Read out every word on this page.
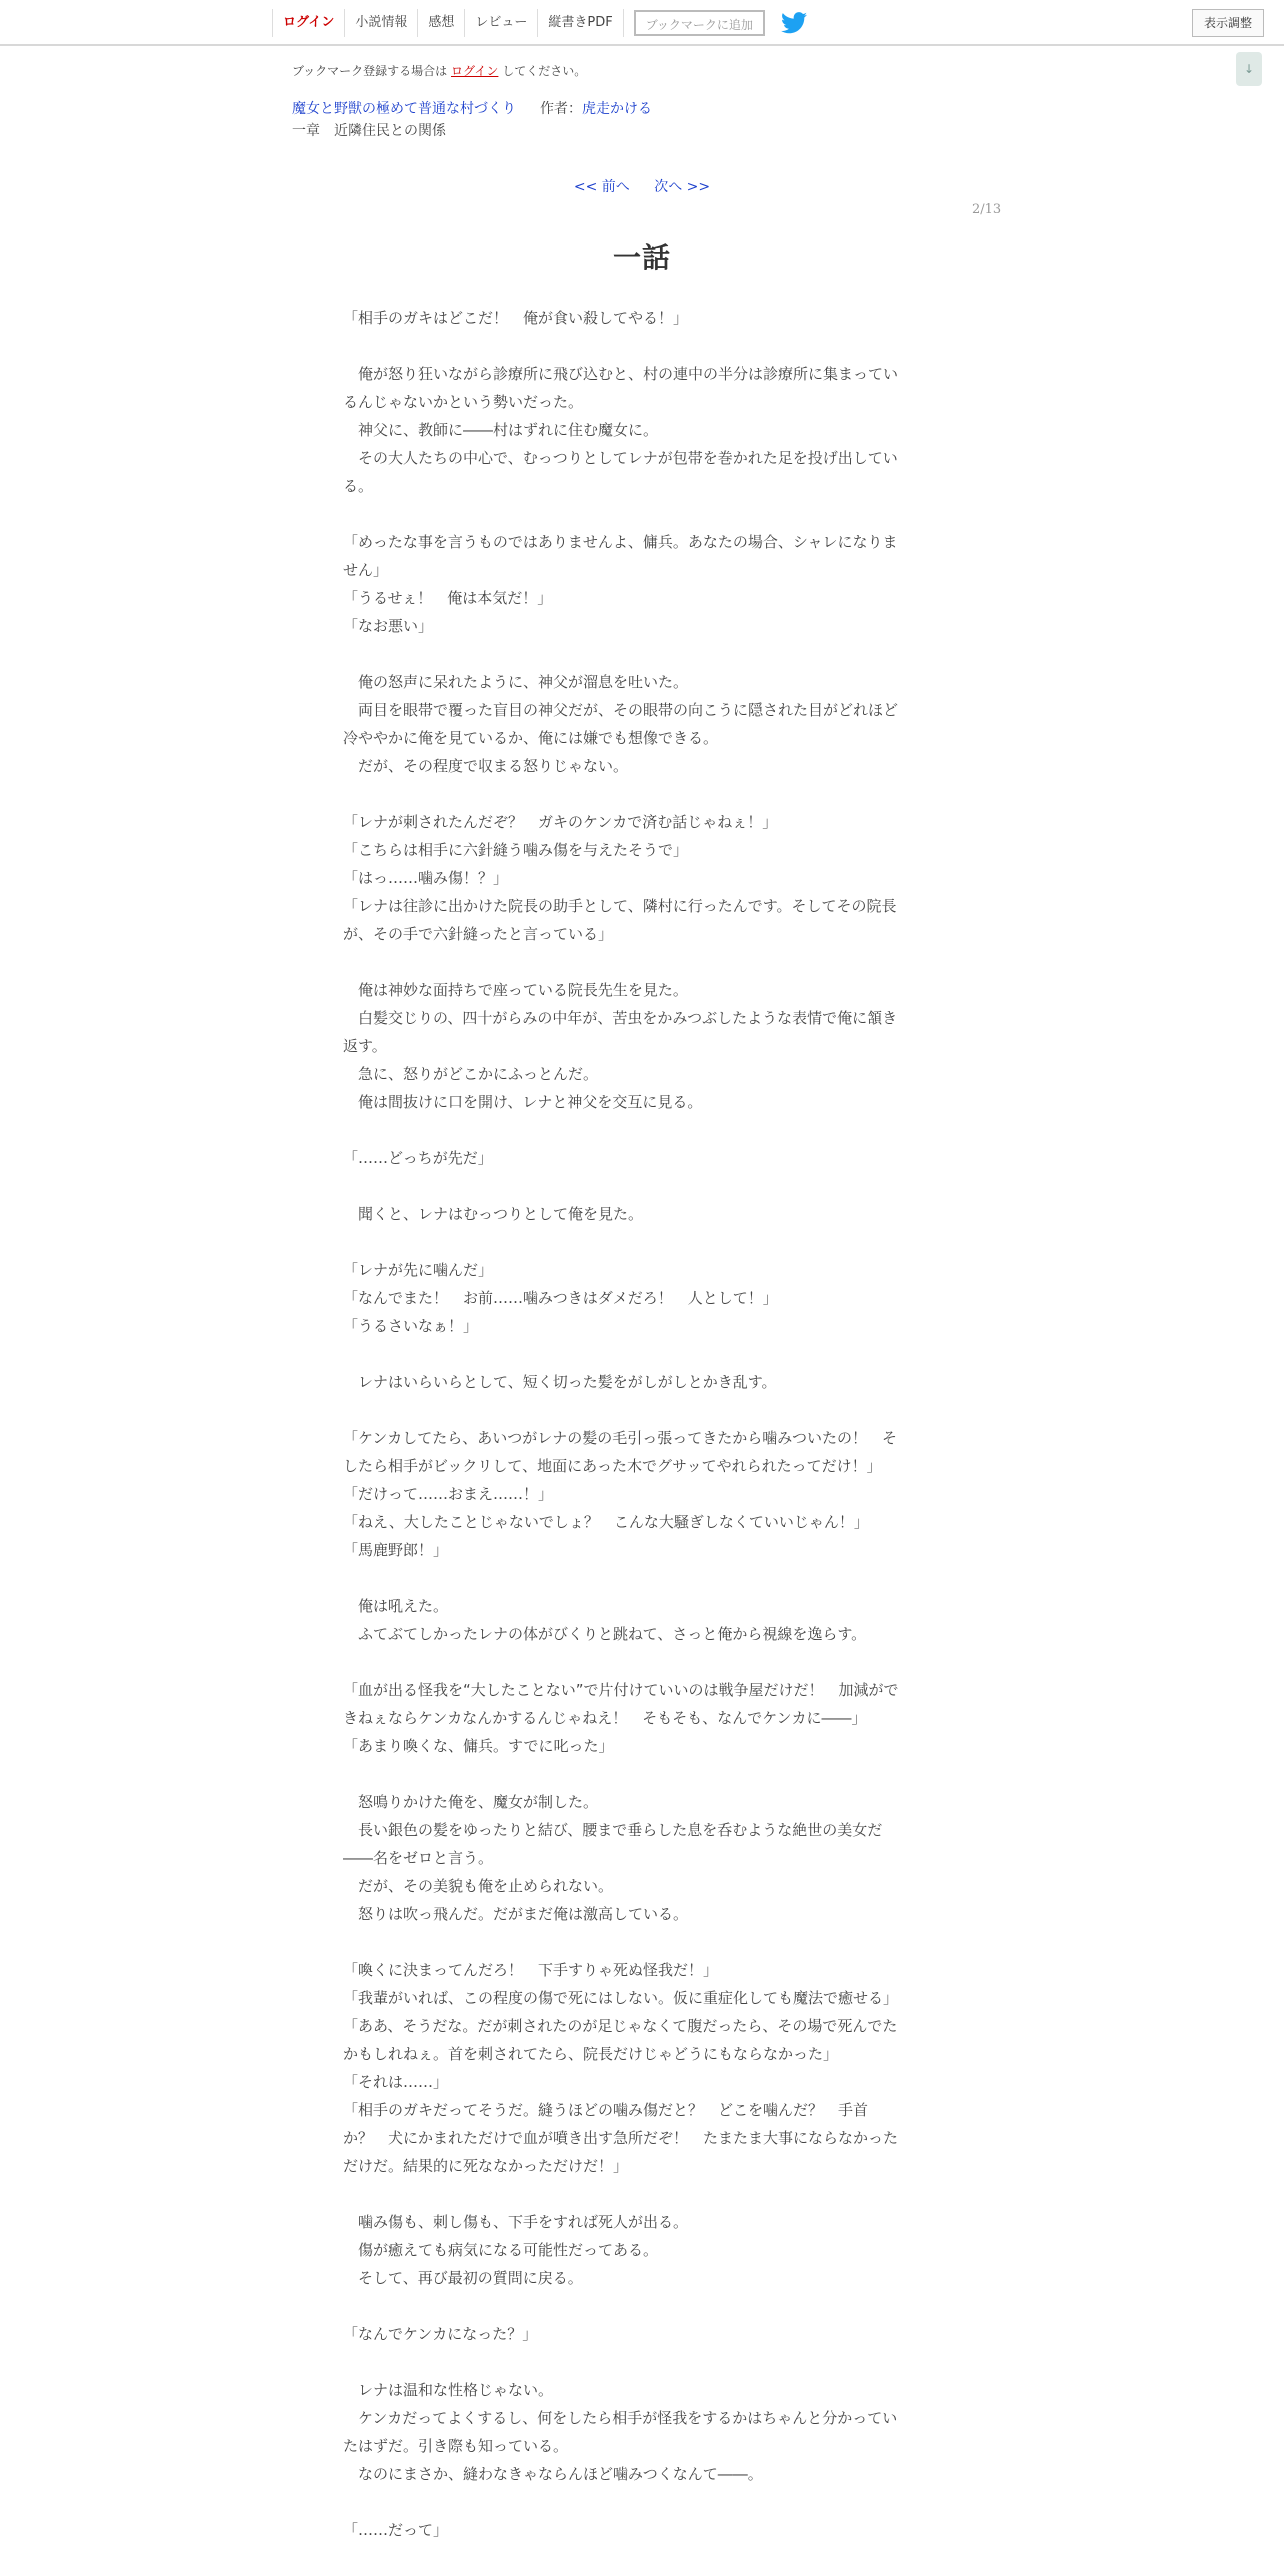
ログイン	小説情報	感想	レビュー	縦書きPDF	ブックマークに追加	表示調整
↓
ブックマーク登録する場合は ログイン してください。
魔女と野獣の極めて普通な村づくり 作者：虎走かける
一章　近隣住民との関係
<< 前へ 次へ >>
2/13
一話
「相手のガキはどこだ！　俺が食い殺してやる！」

　俺が怒り狂いながら診療所に飛び込むと、村の連中の半分は診療所に集まってい
るんじゃないかという勢いだった。
　神父に、教師に――村はずれに住む魔女に。
　その大人たちの中心で、むっつりとしてレナが包帯を巻かれた足を投げ出してい
る。

「めったな事を言うものではありませんよ、傭兵。あなたの場合、シャレになりま
せん」
「うるせぇ！　俺は本気だ！」
「なお悪い」

　俺の怒声に呆れたように、神父が溜息を吐いた。
　両目を眼帯で覆った盲目の神父だが、その眼帯の向こうに隠された目がどれほど
冷ややかに俺を見ているか、俺には嫌でも想像できる。
　だが、その程度で収まる怒りじゃない。

「レナが刺されたんだぞ？　ガキのケンカで済む話じゃねぇ！」
「こちらは相手に六針縫う噛み傷を与えたそうで」
「はっ……噛み傷！？」
「レナは往診に出かけた院長の助手として、隣村に行ったんです。そしてその院長
が、その手で六針縫ったと言っている」

　俺は神妙な面持ちで座っている院長先生を見た。
　白髪交じりの、四十がらみの中年が、苦虫をかみつぶしたような表情で俺に頷き
返す。
　急に、怒りがどこかにふっとんだ。
　俺は間抜けに口を開け、レナと神父を交互に見る。

「……どっちが先だ」

　聞くと、レナはむっつりとして俺を見た。

「レナが先に噛んだ」
「なんでまた！　お前……噛みつきはダメだろ！　人として！」
「うるさいなぁ！」

　レナはいらいらとして、短く切った髪をがしがしとかき乱す。

「ケンカしてたら、あいつがレナの髪の毛引っ張ってきたから噛みついたの！　そ
したら相手がビックリして、地面にあった木でグサッてやれられたってだけ！」
「だけって……おまえ……！」
「ねえ、大したことじゃないでしょ？　こんな大騒ぎしなくていいじゃん！」
「馬鹿野郎！」

　俺は吼えた。
　ふてぶてしかったレナの体がびくりと跳ねて、さっと俺から視線を逸らす。

「血が出る怪我を“大したことない”で片付けていいのは戦争屋だけだ！　加減がで
きねぇならケンカなんかするんじゃねえ！　そもそも、なんでケンカに――」
「あまり喚くな、傭兵。すでに叱った」

　怒鳴りかけた俺を、魔女が制した。
　長い銀色の髪をゆったりと結び、腰まで垂らした息を呑むような絶世の美女だ
――名をゼロと言う。
　だが、その美貌も俺を止められない。
　怒りは吹っ飛んだ。だがまだ俺は激高している。

「喚くに決まってんだろ！　下手すりゃ死ぬ怪我だ！」
「我輩がいれば、この程度の傷で死にはしない。仮に重症化しても魔法で癒せる」
「ああ、そうだな。だが刺されたのが足じゃなくて腹だったら、その場で死んでた
かもしれねぇ。首を刺されてたら、院長だけじゃどうにもならなかった」
「それは……」
「相手のガキだってそうだ。縫うほどの噛み傷だと？　どこを噛んだ？　手首
か？　犬にかまれただけで血が噴き出す急所だぞ！　たまたま大事にならなかった
だけだ。結果的に死ななかっただけだ！」

　噛み傷も、刺し傷も、下手をすれば死人が出る。
　傷が癒えても病気になる可能性だってある。
　そして、再び最初の質問に戻る。

「なんでケンカになった？」

　レナは温和な性格じゃない。
　ケンカだってよくするし、何をしたら相手が怪我をするかはちゃんと分かってい
たはずだ。引き際も知っている。
　なのにまさか、縫わなきゃならんほど噛みつくなんて――。

「……だって」
